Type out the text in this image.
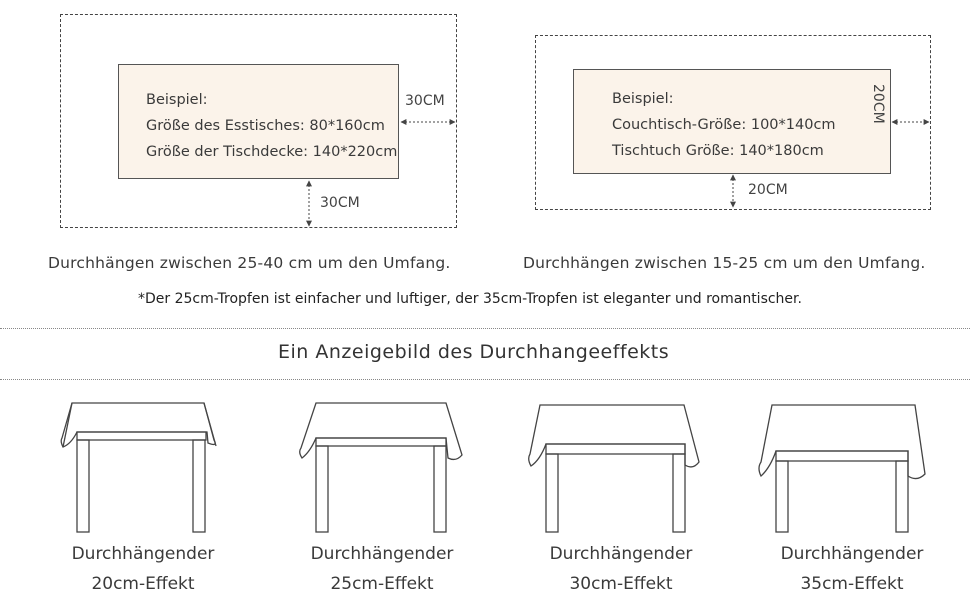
Beispiel:
Größe des Esstisches: 80*160cm
Größe der Tischdecke: 140*220cm
30CM
30CM
Durchhängen zwischen 25-40 cm um den Umfang.
Beispiel:
Couchtisch-Größe: 100*140cm
Tischtuch Größe: 140*180cm
20CM
20CM
Durchhängen zwischen 15-25 cm um den Umfang.
*Der 25cm-Tropfen ist einfacher und luftiger, der 35cm-Tropfen ist eleganter und romantischer.
Ein Anzeigebild des Durchhangeeffekts
Durchhängender
20cm-Effekt
Durchhängender
25cm-Effekt
Durchhängender
30cm-Effekt
Durchhängender
35cm-Effekt
